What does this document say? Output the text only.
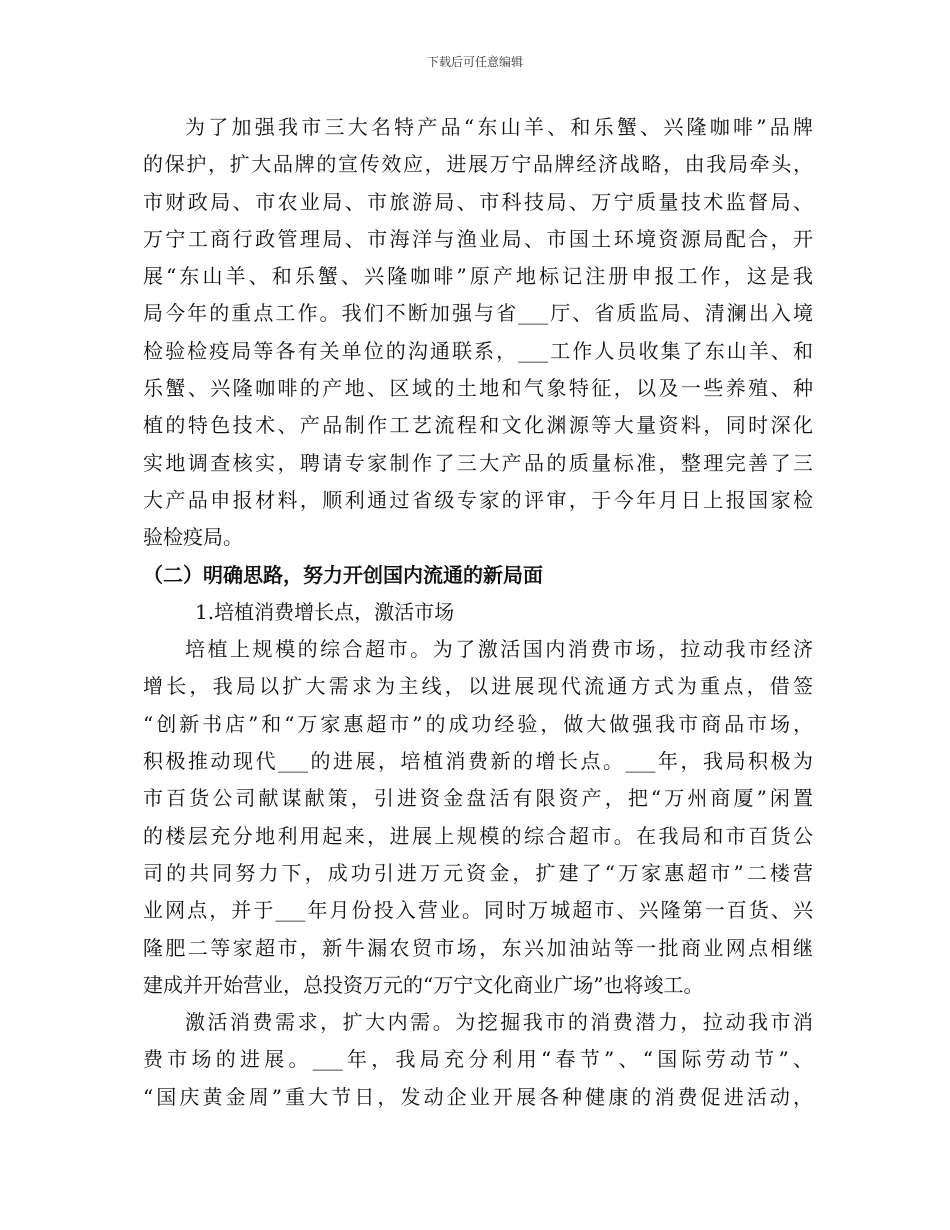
下载后可任意编辑
为了加强我市三大名特产品“东山羊、和乐蟹、兴隆咖啡”品牌
的保护，扩大品牌的宣传效应，进展万宁品牌经济战略，由我局牵头，
市财政局、市农业局、市旅游局、市科技局、万宁质量技术监督局、
万宁工商行政管理局、市海洋与渔业局、市国土环境资源局配合，开
展“东山羊、和乐蟹、兴隆咖啡”原产地标记注册申报工作，这是我
局今年的重点工作。我们不断加强与省___厅、省质监局、清澜出入境
检验检疫局等各有关单位的沟通联系，___工作人员收集了东山羊、和
乐蟹、兴隆咖啡的产地、区域的土地和气象特征，以及一些养殖、种
植的特色技术、产品制作工艺流程和文化渊源等大量资料，同时深化
实地调查核实，聘请专家制作了三大产品的质量标准，整理完善了三
大产品申报材料，顺利通过省级专家的评审，于今年月日上报国家检
验检疫局。
（二）明确思路，努力开创国内流通的新局面
1.培植消费增长点，激活市场
培植上规模的综合超市。为了激活国内消费市场，拉动我市经济
增长，我局以扩大需求为主线，以进展现代流通方式为重点，借签
“创新书店”和“万家惠超市”的成功经验，做大做强我市商品市场，
积极推动现代___的进展，培植消费新的增长点。___年，我局积极为
市百货公司献谋献策，引进资金盘活有限资产，把“万州商厦”闲置
的楼层充分地利用起来，进展上规模的综合超市。在我局和市百货公
司的共同努力下，成功引进万元资金，扩建了“万家惠超市”二楼营
业网点，并于___年月份投入营业。同时万城超市、兴隆第一百货、兴
隆肥二等家超市，新牛漏农贸市场，东兴加油站等一批商业网点相继
建成并开始营业，总投资万元的“万宁文化商业广场”也将竣工。
激活消费需求，扩大内需。为挖掘我市的消费潜力，拉动我市消
费市场的进展。___年，我局充分利用“春节”、“国际劳动节”、
“国庆黄金周”重大节日，发动企业开展各种健康的消费促进活动，
